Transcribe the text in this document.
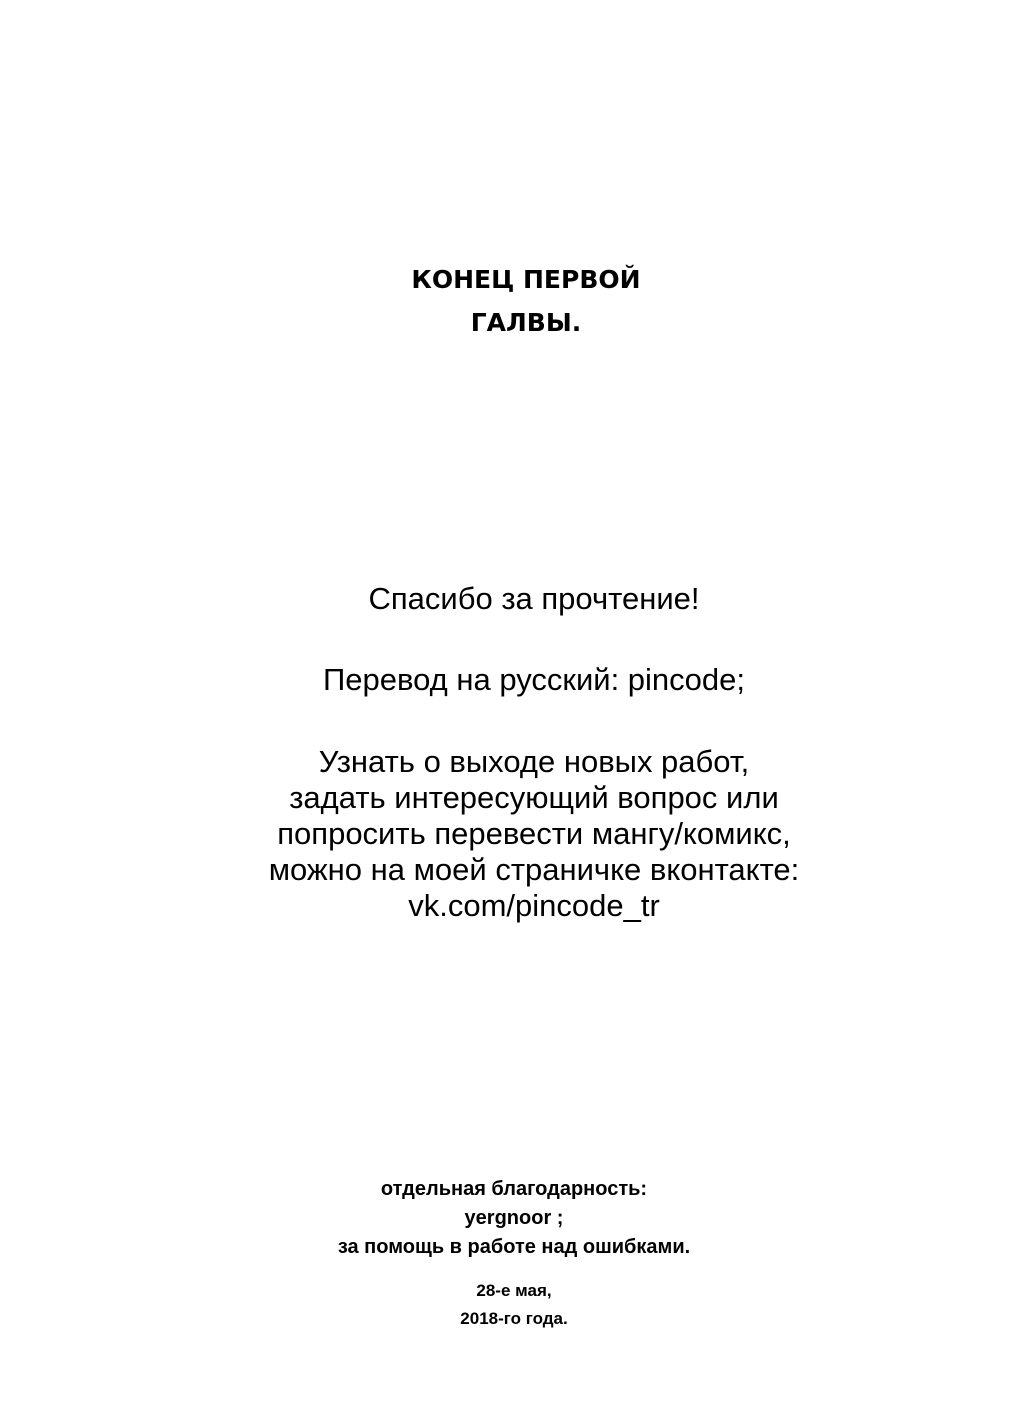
КОНЕЦ ПЕРВОЙ
ГАЛВЫ.
Спасибо за прочтение!
Перевод на русский: pincode;
Узнать о выходе новых работ,
задать интересующий вопрос или
попросить перевести мангу/комикс,
можно на моей страничке вконтакте:
vk.com/pincode_tr
отдельная благодарность:
yergnoor ;
за помощь в работе над ошибками.
28-е мая,
2018-го года.
